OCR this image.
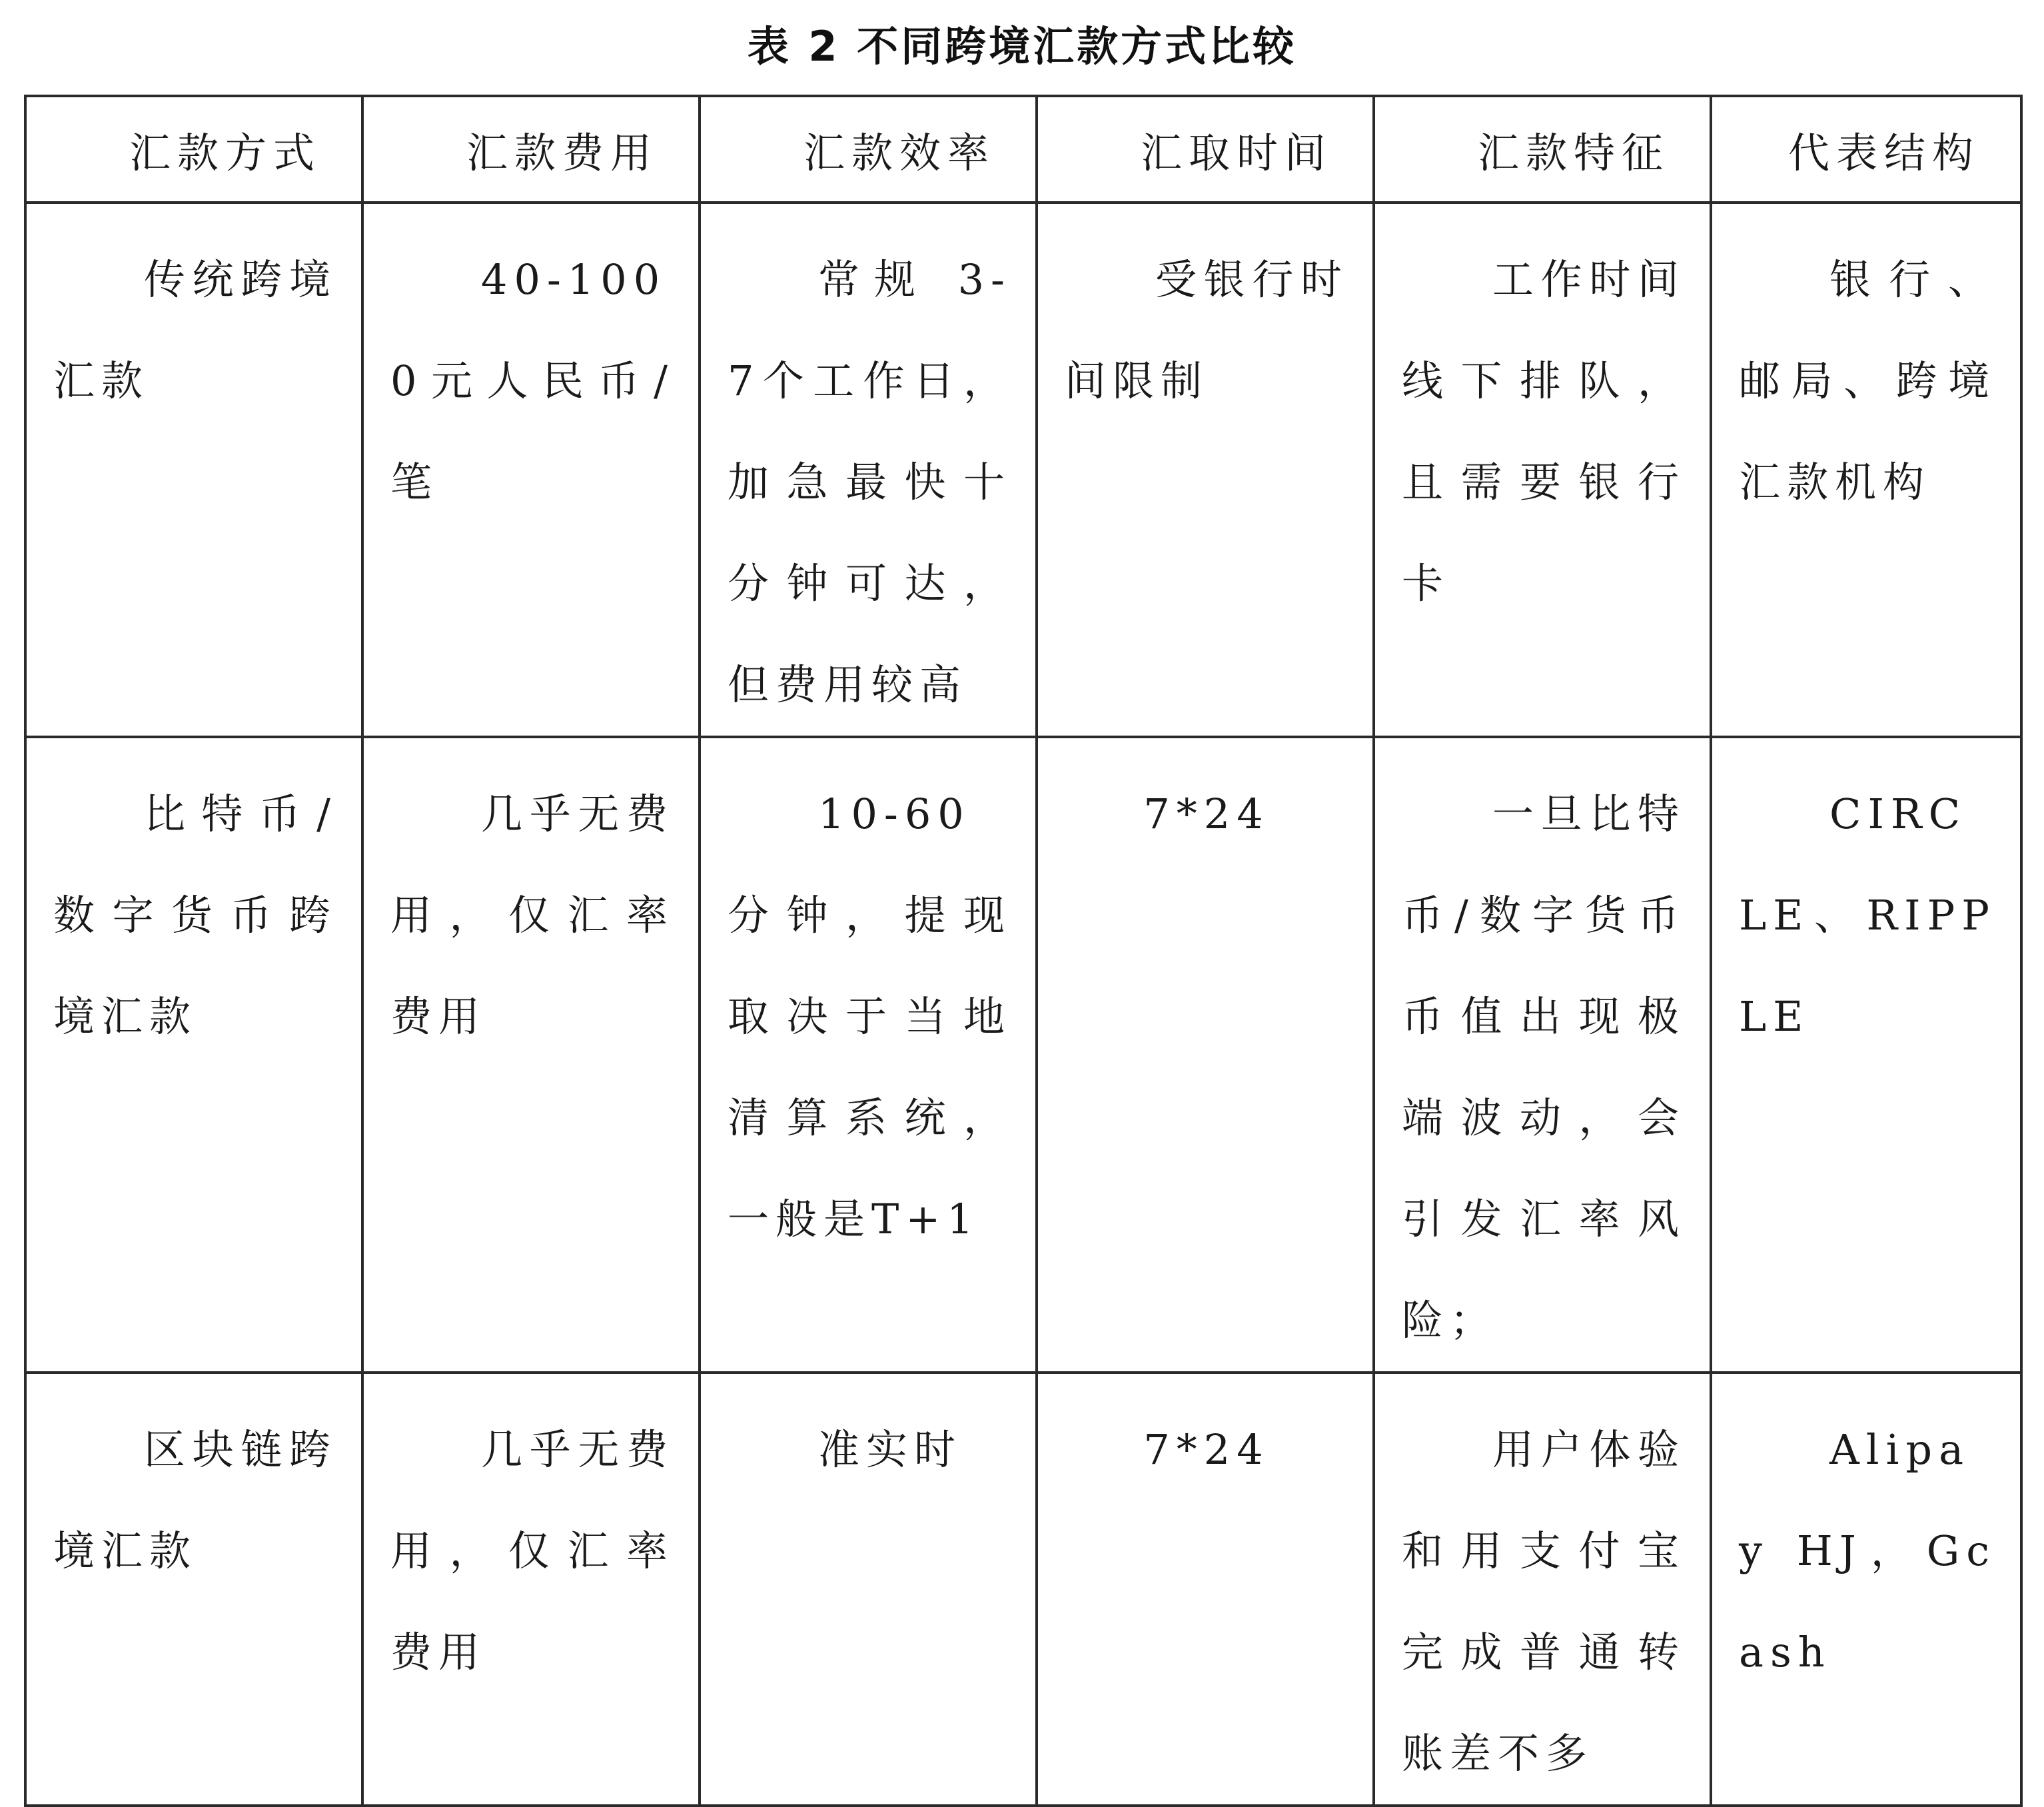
表 2 不同跨境汇款方式比较
汇款方式	汇款费用	汇款效率	汇取时间	汇款特征	代表结构

传统跨境汇款	40-1000元人民币/笔	常规 3-7个工作日，加急最快十分钟可达，但费用较高	受银行时间限制	工作时间线下排队，且需要银行卡	银行、邮局、跨境汇款机构

比特币/数字货币跨境汇款	几乎无费用，仅汇率费用	10-60 分钟，提现取决于当地清算系统，一般是T+1	7*24	一旦比特币/数字货币币值出现极端波动，会引发汇率风险；	CIRCLE、RIPPLE

区块链跨境汇款	几乎无费用，仅汇率费用	准实时	7*24	用户体验和用支付宝完成普通转账差不多	Alipay HJ，Gcash
